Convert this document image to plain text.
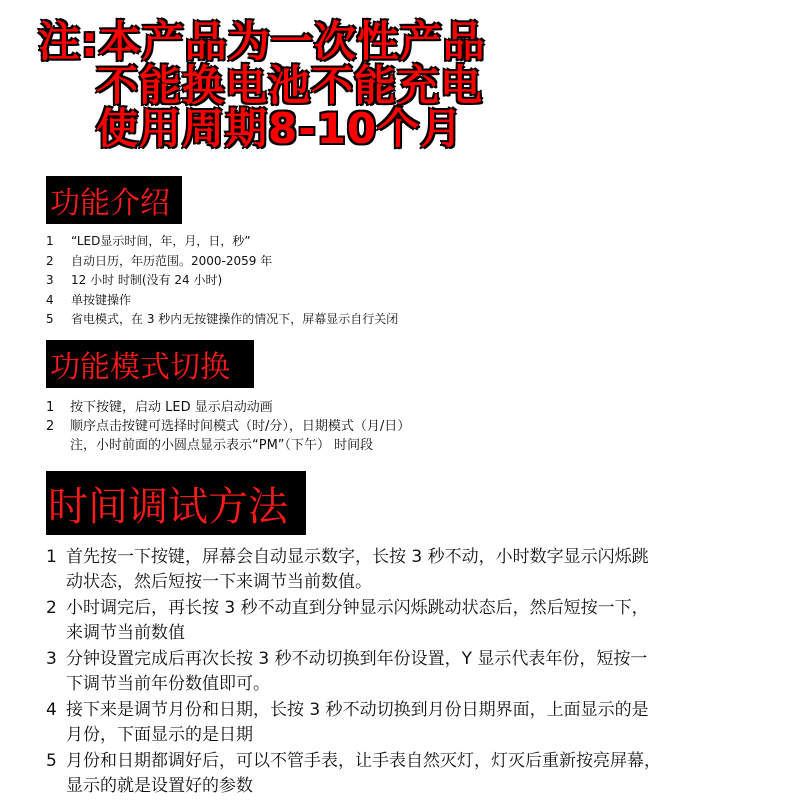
注:本产品为一次性产品
不能换电池不能充电
使用周期8-10个月
功能介绍
1 “LED显示时间，年，月，日，秒”
2 自动日历，年历范围。2000-2059 年
3 12 小时 时制(没有 24 小时)
4 单按键操作
5 省电模式，在 3 秒内无按键操作的情况下，屏幕显示自行关闭
功能模式切换
1 按下按键，启动 LED 显示启动动画
2 顺序点击按键可选择时间模式（时/分），日期模式（月/日）
注，小时前面的小圆点显示表示“PM”（下午） 时间段
时间调试方法
1 首先按一下按键，屏幕会自动显示数字，长按 3 秒不动，小时数字显示闪烁跳
动状态，然后短按一下来调节当前数值。
2 小时调完后，再长按 3 秒不动直到分钟显示闪烁跳动状态后，然后短按一下，
来调节当前数值
3 分钟设置完成后再次长按 3 秒不动切换到年份设置，Y 显示代表年份，短按一
下调节当前年份数值即可。
4 接下来是调节月份和日期，长按 3 秒不动切换到月份日期界面，上面显示的是
月份，下面显示的是日期
5 月份和日期都调好后，可以不管手表，让手表自然灭灯，灯灭后重新按亮屏幕，
显示的就是设置好的参数
